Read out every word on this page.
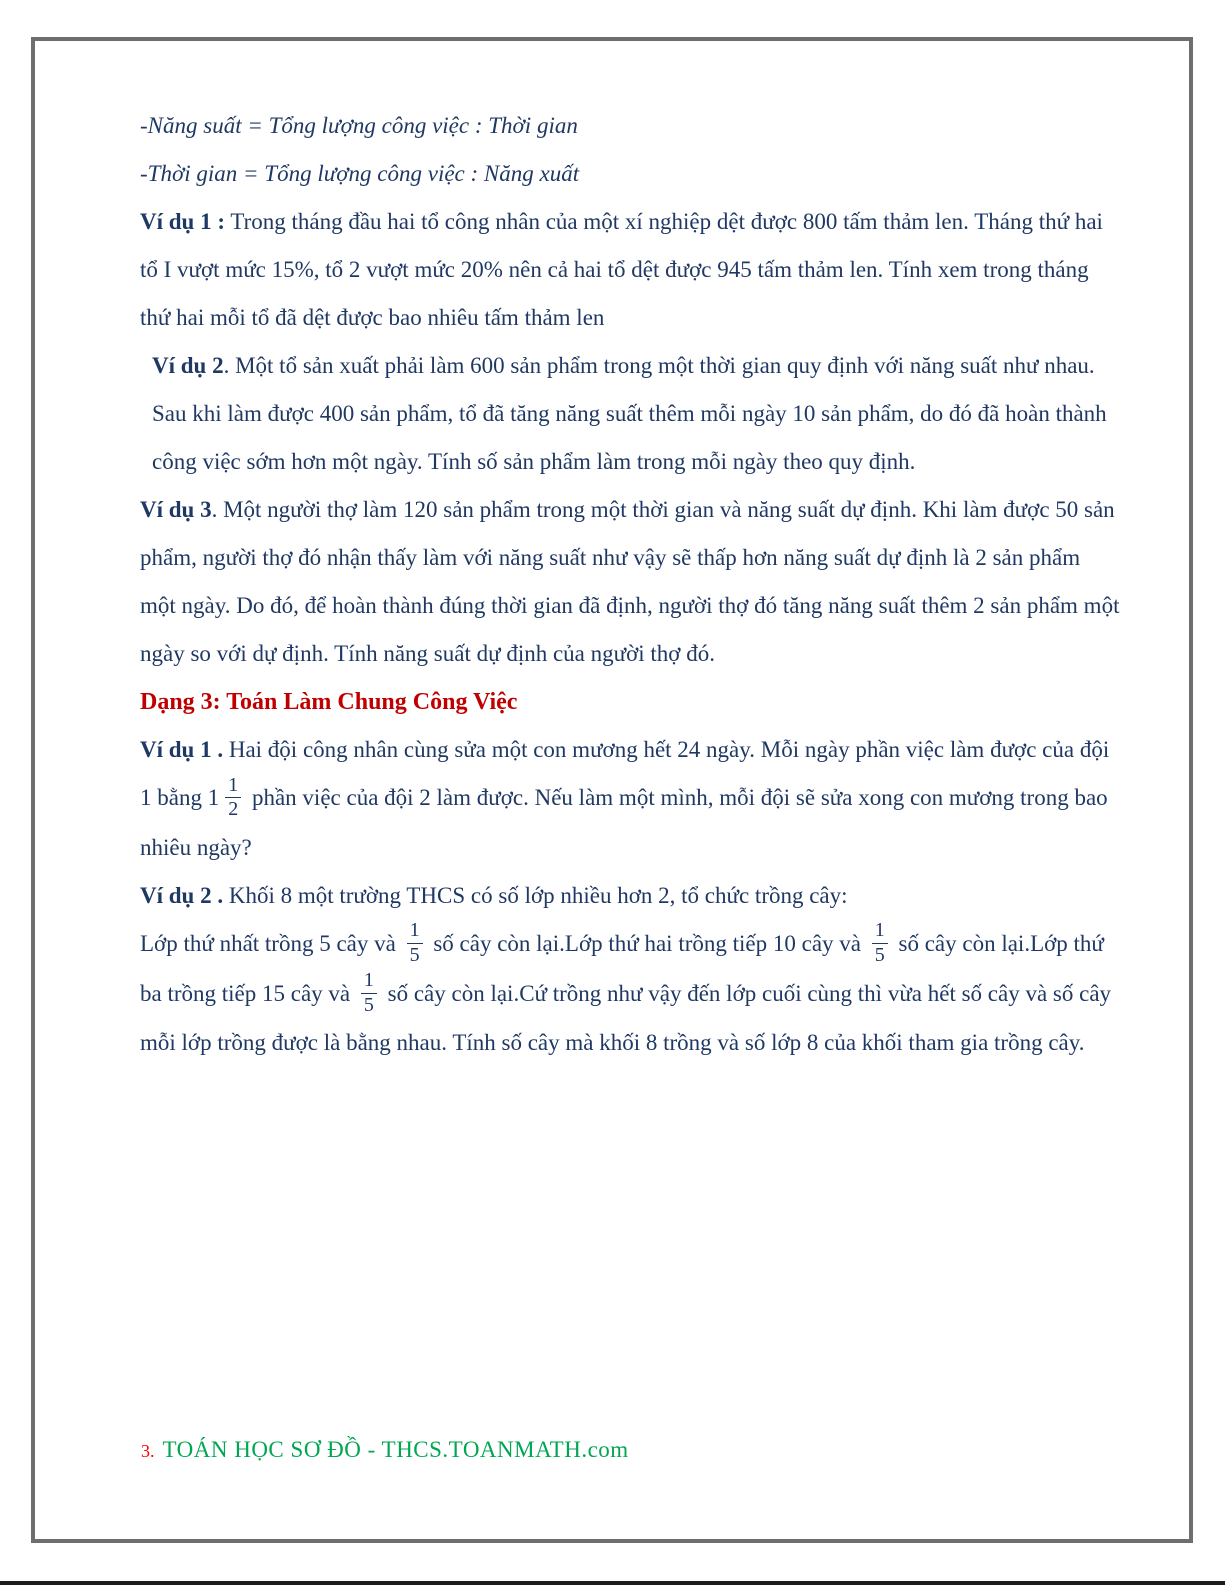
-Năng suất = Tổng lượng công việc : Thời gian

-Thời gian = Tổng lượng công việc : Năng xuất

Ví dụ 1 : Trong tháng đầu hai tổ công nhân của một xí nghiệp dệt được 800 tấm thảm len. Tháng thứ hai tổ I vượt mức 15%, tổ 2 vượt mức 20% nên cả hai tổ dệt được 945 tấm thảm len. Tính xem trong tháng thứ hai mỗi tổ đã dệt được bao nhiêu tấm thảm len

Ví dụ 2. Một tổ sản xuất phải làm 600 sản phẩm trong một thời gian quy định với năng suất như nhau. Sau khi làm được 400 sản phẩm, tổ đã tăng năng suất thêm mỗi ngày 10 sản phẩm, do đó đã hoàn thành công việc sớm hơn một ngày. Tính số sản phẩm làm trong mỗi ngày theo quy định.

Ví dụ 3. Một người thợ làm 120 sản phẩm trong một thời gian và năng suất dự định. Khi làm được 50 sản phẩm, người thợ đó nhận thấy làm với năng suất như vậy sẽ thấp hơn năng suất dự định là 2 sản phẩm một ngày. Do đó, để hoàn thành đúng thời gian đã định, người thợ đó tăng năng suất thêm 2 sản phẩm một ngày so với dự định. Tính năng suất dự định của người thợ đó.

Dạng 3: Toán Làm Chung Công Việc

Ví dụ 1 . Hai đội công nhân cùng sửa một con mương hết 24 ngày. Mỗi ngày phần việc làm được của đội 1 bằng $1 \frac{1}{2}$ phần việc của đội 2 làm được. Nếu làm một mình, mỗi đội sẽ sửa xong con mương trong bao nhiêu ngày?

Ví dụ 2 . Khối 8 một trường THCS có số lớp nhiều hơn 2, tổ chức trồng cây:
Lớp thứ nhất trồng 5 cây và $\frac{1}{5}$ số cây còn lại.Lớp thứ hai trồng tiếp 10 cây và $\frac{1}{5}$ số cây còn lại.Lớp thứ ba trồng tiếp 15 cây và $\frac{1}{5}$ số cây còn lại.Cứ trồng như vậy đến lớp cuối cùng thì vừa hết số cây và số cây mỗi lớp trồng được là bằng nhau. Tính số cây mà khối 8 trồng và số lớp 8 của khối tham gia trồng cây.

3. TOÁN HỌC SƠ ĐỒ - THCS.TOANMATH.com
